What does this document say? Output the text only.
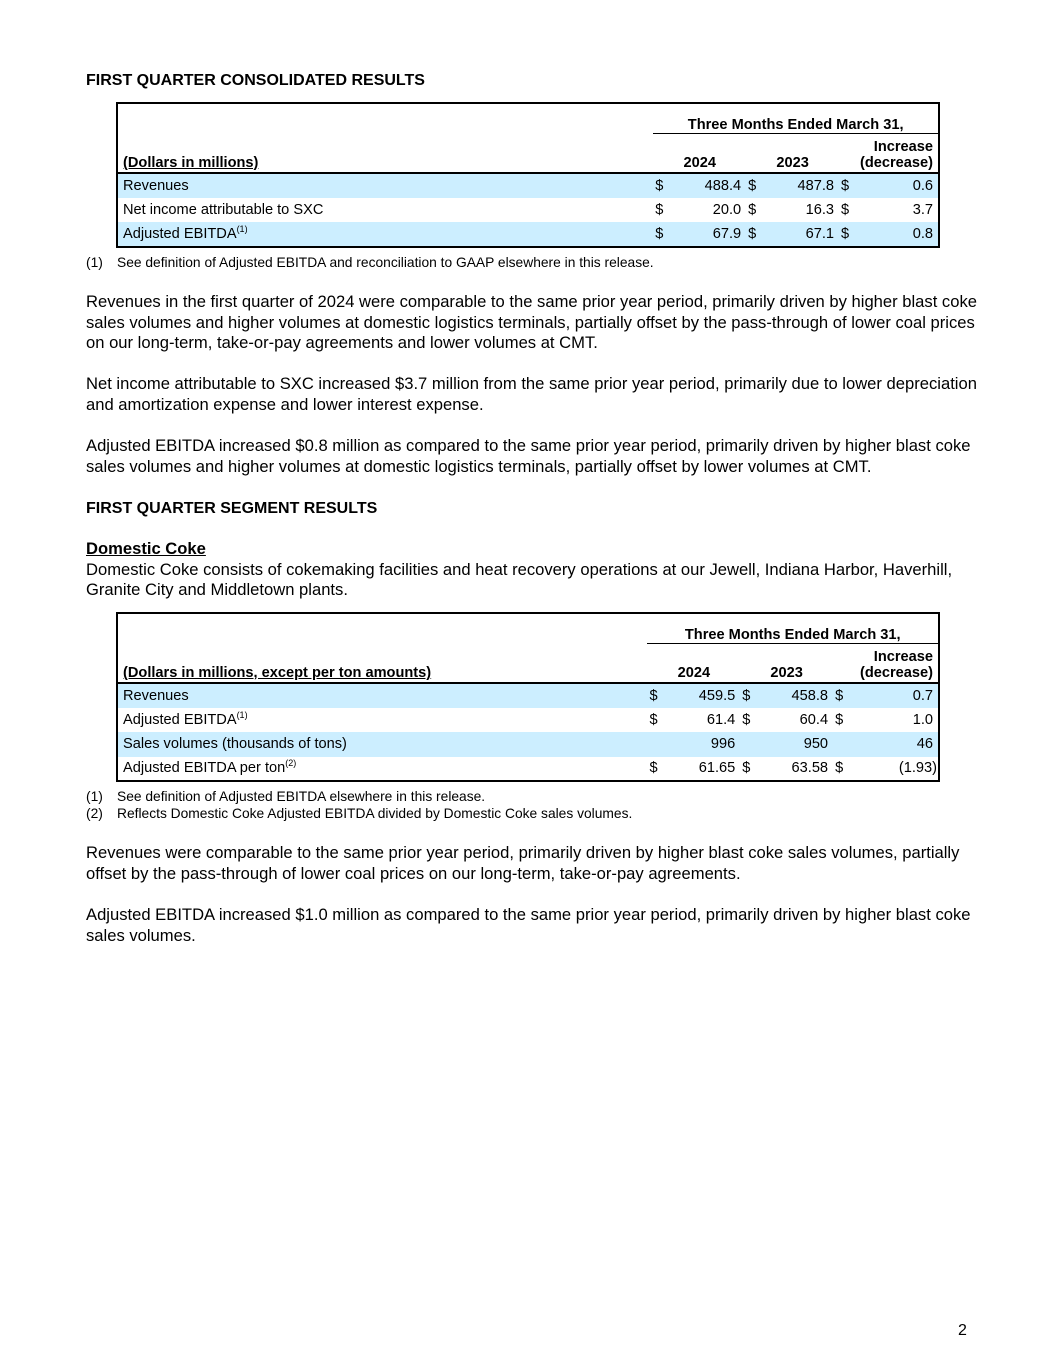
FIRST QUARTER CONSOLIDATED RESULTS
	Three Months Ended March 31,					
(Dollars in millions)	2024		2023		Increase
(decrease)	
Revenues	$	488.4	$	487.8	$	0.6
Net income attributable to SXC	$	20.0	$	16.3	$	3.7
Adjusted EBITDA$^{(1)}$	$	67.9	$	67.1	$	0.8
(1)	See definition of Adjusted EBITDA and reconciliation to GAAP elsewhere in this release.

Revenues in the first quarter of 2024 were comparable to the same prior year period, primarily driven by higher blast coke sales volumes and higher volumes at domestic logistics terminals, partially offset by the pass-through of lower coal prices on our long-term, take-or-pay agreements and lower volumes at CMT.

Net income attributable to SXC increased $3.7 million from the same prior year period, primarily due to lower depreciation and amortization expense and lower interest expense.

Adjusted EBITDA increased $0.8 million as compared to the same prior year period, primarily driven by higher blast coke sales volumes and higher volumes at domestic logistics terminals, partially offset by lower volumes at CMT.

FIRST QUARTER SEGMENT RESULTS
Domestic Coke
Domestic Coke consists of cokemaking facilities and heat recovery operations at our Jewell, Indiana Harbor, Haverhill, Granite City and Middletown plants.
	Three Months Ended March 31,					
(Dollars in millions, except per ton amounts)	2024		2023		Increase
(decrease)	
Revenues	$	459.5	$	458.8	$	0.7
Adjusted EBITDA$^{(1)}$	$	61.4	$	60.4	$	1.0
Sales volumes (thousands of tons)		996		950		46
Adjusted EBITDA per ton$^{(2)}$	$	61.65	$	63.58	$	(1.93)
(1)	See definition of Adjusted EBITDA elsewhere in this release.
(2)	Reflects Domestic Coke Adjusted EBITDA divided by Domestic Coke sales volumes.

Revenues were comparable to the same prior year period, primarily driven by higher blast coke sales volumes, partially offset by the pass-through of lower coal prices on our long-term, take-or-pay agreements.

Adjusted EBITDA increased $1.0 million as compared to the same prior year period, primarily driven by higher blast coke sales volumes.

2
